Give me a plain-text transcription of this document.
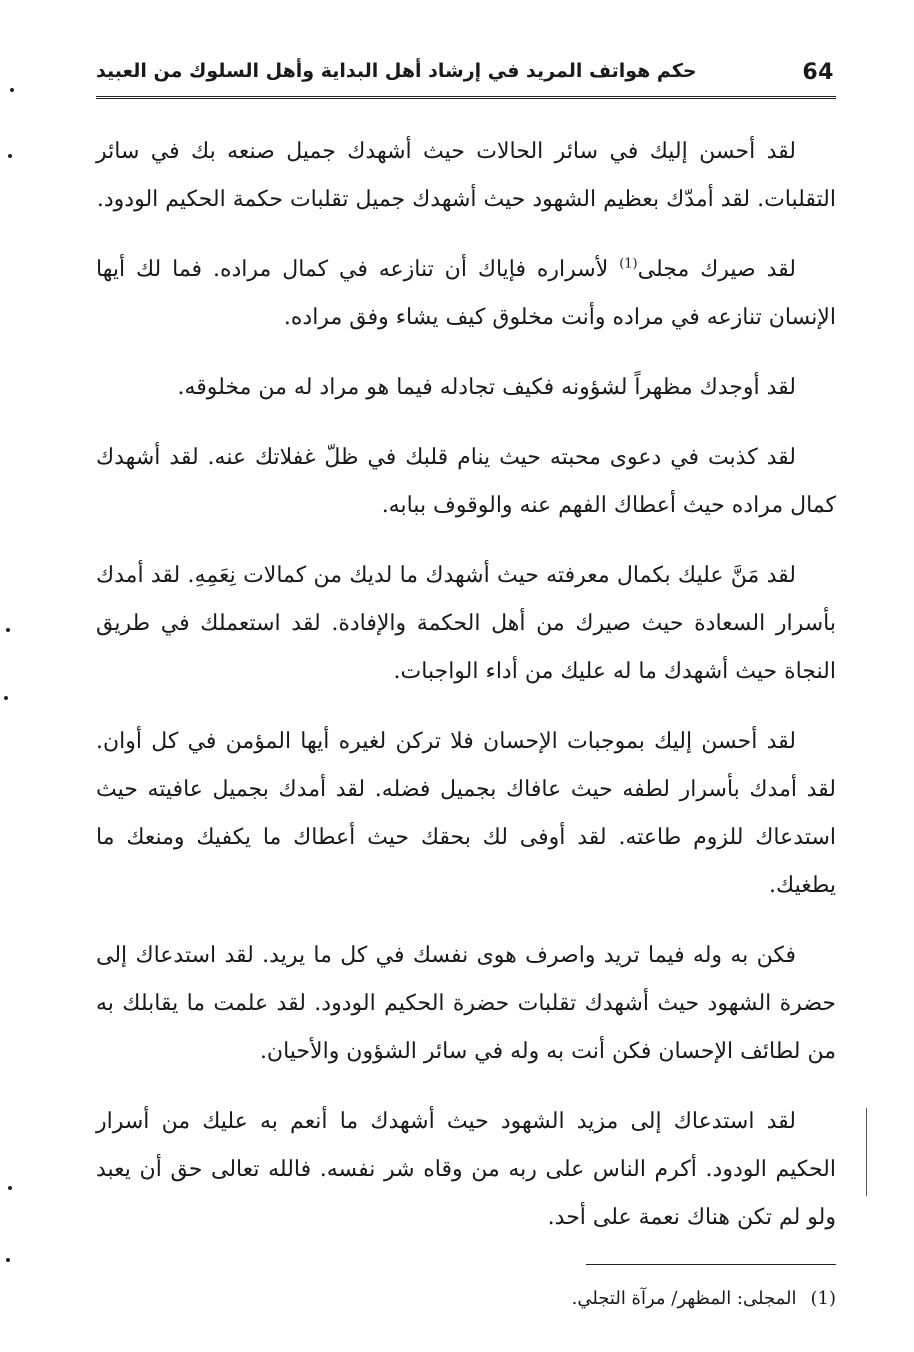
64
حكم هواتف المريد في إرشاد أهل البداية وأهل السلوك من العبيد

لقد أحسن إليك في سائر الحالات حيث أشهدك جميل صنعه بك في سائر التقلبات. لقد أمدّك بعظيم الشهود حيث أشهدك جميل تقلبات حكمة الحكيم الودود.

لقد صيرك مجلى$^{(1)}$ لأسراره فإياك أن تنازعه في كمال مراده. فما لك أيها الإنسان تنازعه في مراده وأنت مخلوق كيف يشاء وفق مراده.

لقد أوجدك مظهراً لشؤونه فكيف تجادله فيما هو مراد له من مخلوقه.

لقد كذبت في دعوى محبته حيث ينام قلبك في ظلّ غفلاتك عنه. لقد أشهدك كمال مراده حيث أعطاك الفهم عنه والوقوف ببابه.

لقد مَنَّ عليك بكمال معرفته حيث أشهدك ما لديك من كمالات نِعَمِهِ. لقد أمدك بأسرار السعادة حيث صيرك من أهل الحكمة والإفادة. لقد استعملك في طريق النجاة حيث أشهدك ما له عليك من أداء الواجبات.

لقد أحسن إليك بموجبات الإحسان فلا تركن لغيره أيها المؤمن في كل أوان. لقد أمدك بأسرار لطفه حيث عافاك بجميل فضله. لقد أمدك بجميل عافيته حيث استدعاك للزوم طاعته. لقد أوفى لك بحقك حيث أعطاك ما يكفيك ومنعك ما يطغيك.

فكن به وله فيما تريد واصرف هوى نفسك في كل ما يريد. لقد استدعاك إلى حضرة الشهود حيث أشهدك تقلبات حضرة الحكيم الودود. لقد علمت ما يقابلك به من لطائف الإحسان فكن أنت به وله في سائر الشؤون والأحيان.

لقد استدعاك إلى مزيد الشهود حيث أشهدك ما أنعم به عليك من أسرار الحكيم الودود. أكرم الناس على ربه من وقاه شر نفسه. فالله تعالى حق أن يعبد ولو لم تكن هناك نعمة على أحد.

(1)المجلى: المظهر/ مرآة التجلي.
